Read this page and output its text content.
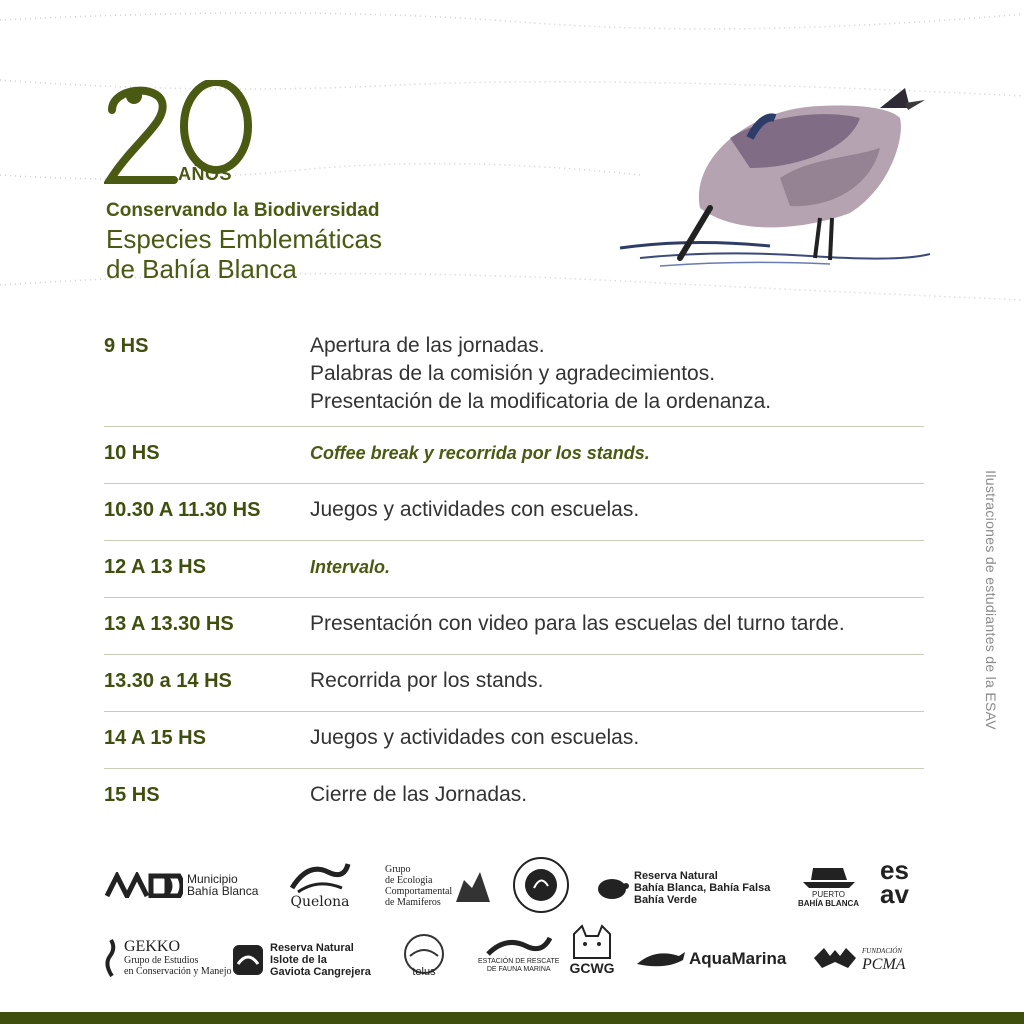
AÑOS
Conservando la Biodiversidad
Especies Emblemáticas
de Bahía Blanca
9 HS	Apertura de las jornadas.
Palabras de la comisión y agradecimientos.
Presentación de la modificatoria de la ordenanza.
10 HS	Coffee break y recorrida por los stands.
10.30 A 11.30 HS	Juegos y actividades con escuelas.
12 A 13 HS	Intervalo.
13 A 13.30 HS	Presentación con video para las escuelas del turno tarde.
13.30 a 14 HS	Recorrida por los stands.
14 A 15 HS	Juegos y actividades con escuelas.
15 HS	Cierre de las Jornadas.
Ilustraciones de estudiantes de la ESAV
Municipio
Bahía Blanca
Quelona
Grupo
de Ecologia
Comportamental
de Mamiferos
Reserva Natural
Bahía Blanca, Bahía Falsa
Bahía Verde	PUERTO
BAHÍA BLANCA
es
av
GEKKO
Grupo de Estudios
en Conservación y Manejo
Reserva Natural
Islote de la
Gaviota Cangrejera	telus
ESTACIÓN DE RESCATE
DE FAUNA MARINA	GCWG	AquaMarina	FUNDACIÓN
PCMA
